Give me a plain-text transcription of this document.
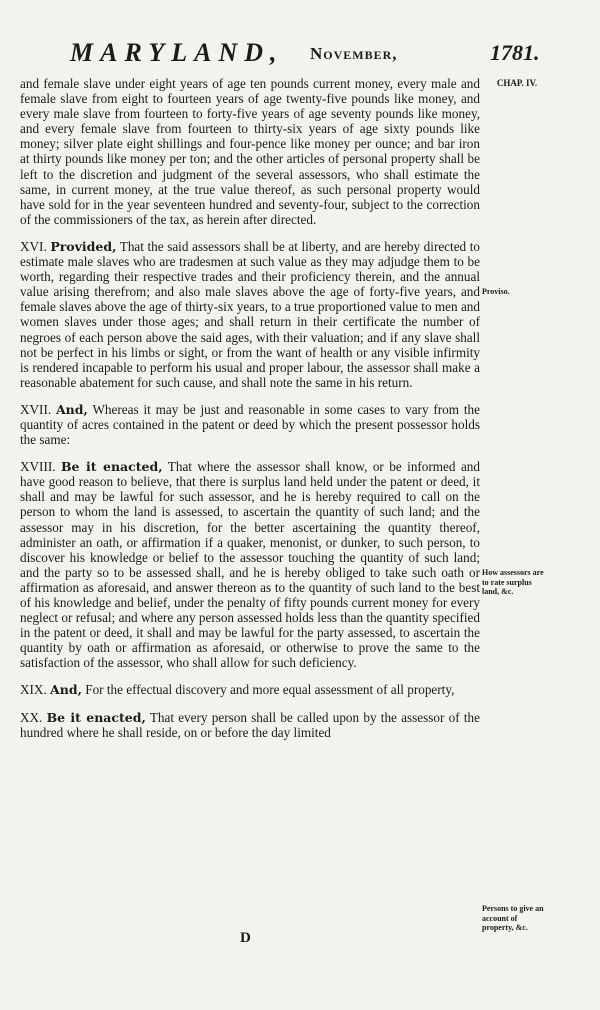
MARYLAND, November,	1781.
CHAP. IV.

and female slave under eight years of age ten pounds current money, every male and female slave from eight to fourteen years of age twenty-five pounds like money, and every male slave from fourteen to forty-five years of age seventy pounds like money, and every female slave from fourteen to thirty-six years of age sixty pounds like money; silver plate eight shillings and four-pence like money per ounce; and bar iron at thirty pounds like money per ton; and the other articles of personal property shall be left to the discretion and judgment of the several assessors, who shall estimate the same, in current money, at the true value thereof, as such personal property would have sold for in the year seventeen hundred and seventy-four, subject to the correction of the commissioners of the tax, as herein after directed.

XVI. Provided, That the said assessors shall be at liberty, and are hereby directed to estimate male slaves who are tradesmen at such value as they may adjudge them to be worth, regarding their respective trades and their proficiency therein, and the annual value arising therefrom; and also male slaves above the age of forty-five years, and female slaves above the age of thirty-six years, to a true proportioned value to men and women slaves under those ages; and shall return in their certificate the number of negroes of each person above the said ages, with their valuation; and if any slave shall not be perfect in his limbs or sight, or from the want of health or any visible infirmity is rendered incapable to perform his usual and proper labour, the assessor shall make a reasonable abatement for such cause, and shall note the same in his return.

XVII. And, Whereas it may be just and reasonable in some cases to vary from the quantity of acres contained in the patent or deed by which the present possessor holds the same:

XVIII. Be it enacted, That where the assessor shall know, or be informed and have good reason to believe, that there is surplus land held under the patent or deed, it shall and may be lawful for such assessor, and he is hereby required to call on the person to whom the land is assessed, to ascertain the quantity of such land; and the assessor may in his discretion, for the better ascertaining the quantity thereof, administer an oath, or affirmation if a quaker, menonist, or dunker, to such person, to discover his knowledge or belief to the assessor touching the quantity of such land; and the party so to be assessed shall, and he is hereby obliged to take such oath or affirmation as aforesaid, and answer thereon as to the quantity of such land to the best of his knowledge and belief, under the penalty of fifty pounds current money for every neglect or refusal; and where any person assessed holds less than the quantity specified in the patent or deed, it shall and may be lawful for the party assessed, to ascertain the quantity by oath or affirmation as aforesaid, or otherwise to prove the same to the satisfaction of the assessor, who shall allow for such deficiency.

XIX. And, For the effectual discovery and more equal assessment of all property,

XX. Be it enacted, That every person shall be called upon by the assessor of the hundred where he shall reside, on or before the day limited

Proviso.
How assessors are to rate surplus land, &c.
Persons to give an account of property, &c.
D
